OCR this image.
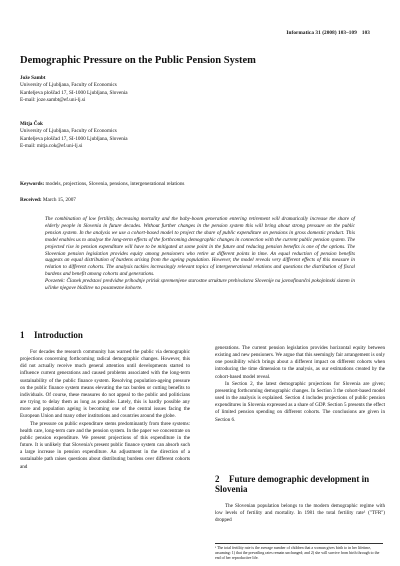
Informatica 31 (2008) 103–109 103
Demographic Pressure on the Public Pension System
Jože Sambt
University of Ljubljana, Faculty of Economics
Kardeljeva ploščad 17, SI-1000 Ljubljana, Slovenia
E-mail: joze.sambt@ef.uni-lj.si
Mitja Čok
University of Ljubljana, Faculty of Economics
Kardeljeva ploščad 17, SI-1000 Ljubljana, Slovenia
E-mail: mitja.cok@ef.uni-lj.si
Keywords: models, projections, Slovenia, pensions, intergenerational relations
Received: March 15, 2007

The combination of low fertility, decreasing mortality and the baby-boom generation entering retirement will dramatically increase the share of elderly people in Slovenia in future decades. Without further changes in the pension system this will bring about strong pressure on the public pension system. In the analysis we use a cohort-based model to project the share of public expenditure on pensions in gross domestic product. This model enables us to analyse the long-term effects of the forthcoming demographic changes in connection with the current public pension system. The projected rise in pension expenditure will have to be mitigated at some point in the future and reducing pension benefits is one of the options. The Slovenian pension legislation provides equity among pensioners who retire at different points in time. An equal reduction of pension benefits suggests an equal distribution of burdens arising from the ageing population. However, the model reveals very different effects of this measure in relation to different cohorts. The analysis tackles increasingly relevant topics of intergenerational relations and questions the distribution of fiscal burdens and benefit among cohorts and generations.

Povzetek: Članek predstavi predvidne prihodnje pritisk spremenjene starostne strukture prebivalstva Slovenije na javnofinančni pokojninski sistem in učinke njegove blažitve na posamezne kohorte.

1 Introduction

For decades the research community has warned the public via demographic projections concerning forthcoming radical demographic changes. However, this did not actually receive much general attention until developments started to influence current generations and caused problems associated with the long-term sustainability of the public finance system. Resolving population-ageing pressure on the public finance system means elevating the tax burden or cutting benefits to individuals. Of course, these measures do not appeal to the public and politicians are trying to delay them as long as possible. Lately, this is hardly possible any more and population ageing is becoming one of the central issues facing the European Union and many other institutions and countries around the globe.

The pressure on public expenditure stems predominantly from three systems: health care, long-term care and the pension system. In the paper we concentrate on public pension expenditure. We present projections of this expenditure in the future. It is unlikely that Slovenia's present public finance system can absorb such a large increase in pension expenditure. An adjustment in the direction of a sustainable path raises questions about distributing burdens over different cohorts and

generations. The current pension legislation provides horizontal equity between existing and new pensioners. We argue that this seemingly fair arrangement is only one possibility which brings about a different impact on different cohorts when introducing the time dimension to the analysis, as our estimations created by the cohort-based model reveal.

In Section 2, the latest demographic projections for Slovenia are given; presenting forthcoming demographic changes. In Section 3 the cohort-based model used in the analysis is explained. Section 4 includes projections of public pension expenditures in Slovenia expressed as a share of GDP. Section 5 presents the effect of limited pension spending on different cohorts. The conclusions are given in Section 6.

2 Future demographic development in Slovenia

The Slovenian population belongs to the modern demographic regime with low levels of fertility and mortality. In 1981 the total fertility rate¹ ("TFR") dropped

¹ The total fertility rate is the average number of children that a woman gives birth to in her lifetime, assuming: 1) that the prevailing rates remain unchanged; and 2) she will survive from birth through to the end of her reproductive life.
